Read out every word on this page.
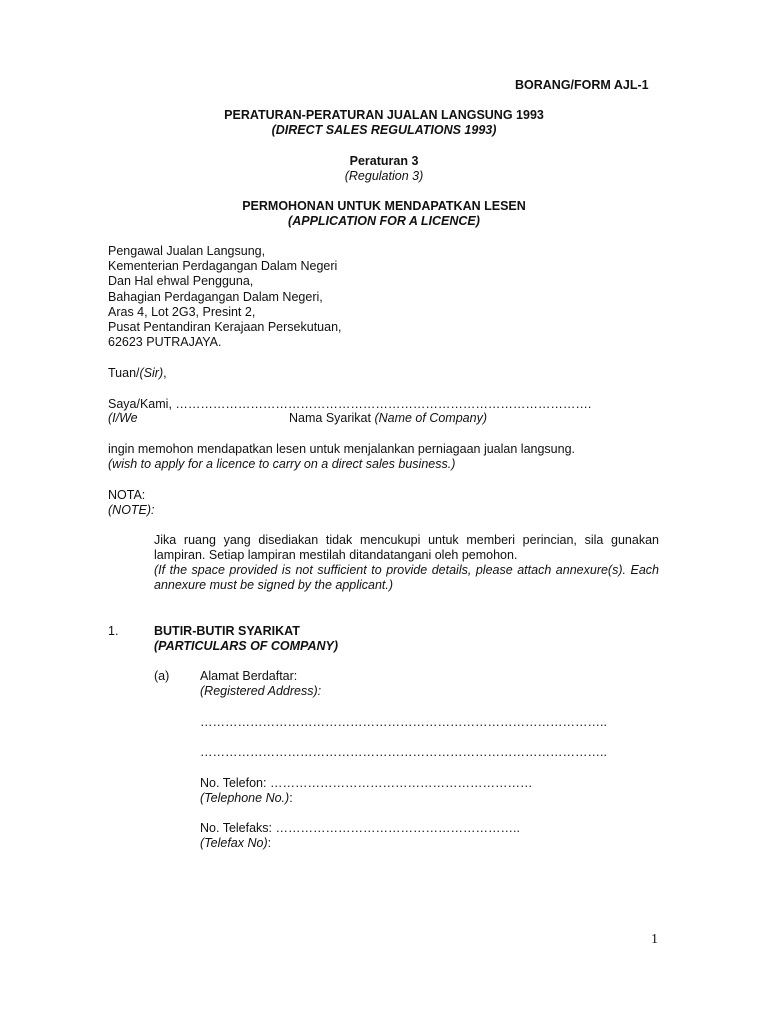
BORANG/FORM AJL-1
PERATURAN-PERATURAN JUALAN LANGSUNG 1993
(DIRECT SALES REGULATIONS 1993)
Peraturan 3
(Regulation 3)
PERMOHONAN UNTUK MENDAPATKAN LESEN
(APPLICATION FOR A LICENCE)
Pengawal Jualan Langsung,
Kementerian Perdagangan Dalam Negeri
Dan Hal ehwal Pengguna,
Bahagian Perdagangan Dalam Negeri,
Aras 4, Lot 2G3, Presint 2,
Pusat Pentandiran Kerajaan Persekutuan,
62623 PUTRAJAYA.
Tuan/(Sir),
Saya/Kami, ……………………………………………………………………………………….
(I/We	Nama Syarikat (Name of Company)
ingin memohon mendapatkan lesen untuk menjalankan perniagaan jualan langsung.
(wish to apply for a licence to carry on a direct sales business.)
NOTA:
(NOTE):
Jika ruang yang disediakan tidak mencukupi untuk memberi perincian, sila gunakan lampiran. Setiap lampiran mestilah ditandatangani oleh pemohon.
(If the space provided is not sufficient to provide details, please attach annexure(s). Each annexure must be signed by the applicant.)
1.	BUTIR-BUTIR SYARIKAT
(PARTICULARS OF COMPANY)
(a) Alamat Berdaftar:
(Registered Address):
……………………………………………………………………………………..
……………………………………………………………………………………..
No. Telefon: ………………………………………………………
(Telephone No.):
No. Telefaks: …………………………………………………..
(Telefax No):
1
